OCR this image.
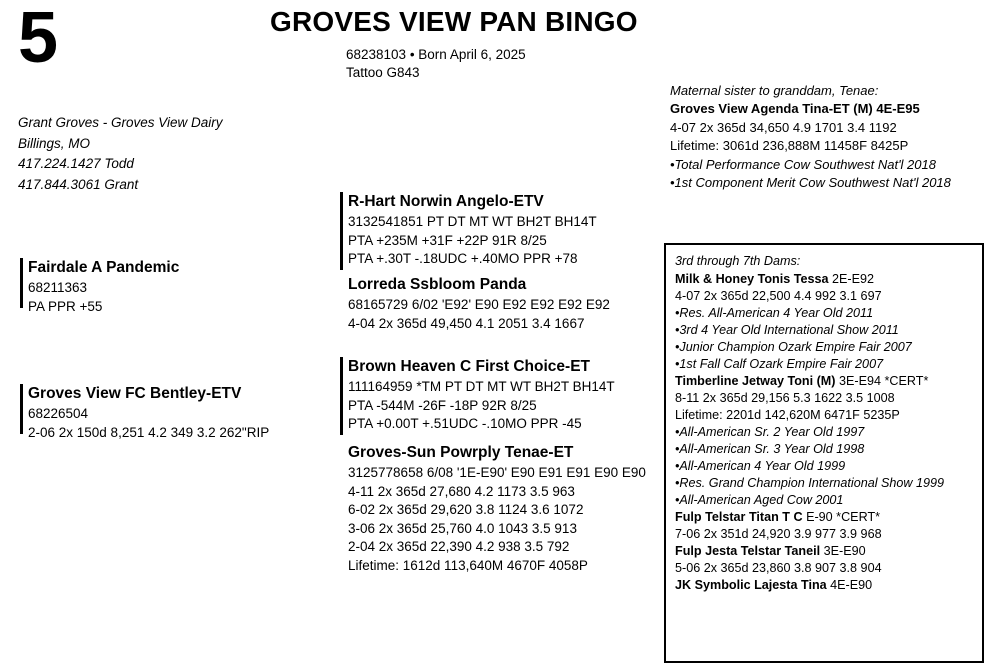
5
Grant Groves - Groves View Dairy
Billings, MO
417.224.1427 Todd
417.844.3061 Grant
GROVES VIEW PAN BINGO
68238103 • Born April 6, 2025
Tattoo G843
Maternal sister to granddam, Tenae:
Groves View Agenda Tina-ET (M) 4E-E95
4-07 2x 365d 34,650 4.9 1701 3.4 1192
Lifetime: 3061d 236,888M 11458F 8425P
•Total Performance Cow Southwest Nat'l 2018
•1st Component Merit Cow Southwest Nat'l 2018
Fairdale A Pandemic
68211363
PA PPR +55
Groves View FC Bentley-ETV
68226504
2-06 2x 150d 8,251 4.2 349 3.2 262"RIP
R-Hart Norwin Angelo-ETV
3132541851 PT DT MT WT BH2T BH14T
PTA +235M +31F +22P 91R 8/25
PTA +.30T -.18UDC +.40MO PPR +78
Lorreda Ssbloom Panda
68165729 6/02 'E92' E90 E92 E92 E92 E92
4-04 2x 365d 49,450 4.1 2051 3.4 1667
Brown Heaven C First Choice-ET
111164959 *TM PT DT MT WT BH2T BH14T
PTA -544M -26F -18P 92R 8/25
PTA +0.00T +.51UDC -.10MO PPR -45
Groves-Sun Powrply Tenae-ET
3125778658 6/08 '1E-E90' E90 E91 E91 E90 E90
4-11 2x 365d 27,680 4.2 1173 3.5 963
6-02 2x 365d 29,620 3.8 1124 3.6 1072
3-06 2x 365d 25,760 4.0 1043 3.5 913
2-04 2x 365d 22,390 4.2 938 3.5 792
Lifetime: 1612d 113,640M 4670F 4058P
3rd through 7th Dams:
Milk & Honey Tonis Tessa 2E-E92
4-07 2x 365d 22,500 4.4 992 3.1 697
•Res. All-American 4 Year Old 2011
•3rd 4 Year Old International Show 2011
•Junior Champion Ozark Empire Fair 2007
•1st Fall Calf Ozark Empire Fair 2007
Timberline Jetway Toni (M) 3E-E94 *CERT*
8-11 2x 365d 29,156 5.3 1622 3.5 1008
Lifetime: 2201d 142,620M 6471F 5235P
•All-American Sr. 2 Year Old 1997
•All-American Sr. 3 Year Old 1998
•All-American 4 Year Old 1999
•Res. Grand Champion International Show 1999
•All-American Aged Cow 2001
Fulp Telstar Titan T C E-90 *CERT*
7-06 2x 351d 24,920 3.9 977 3.9 968
Fulp Jesta Telstar Taneil 3E-E90
5-06 2x 365d 23,860 3.8 907 3.8 904
JK Symbolic Lajesta Tina 4E-E90
